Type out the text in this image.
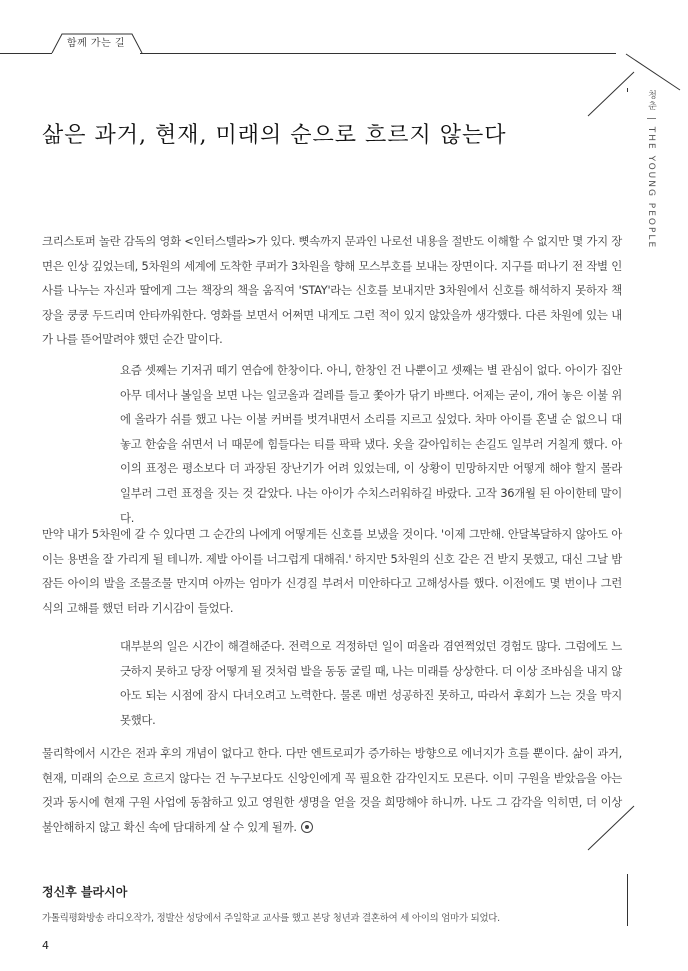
함께 가는 길
청춘 | THE YOUNG PEOPLE
삶은 과거, 현재, 미래의 순으로 흐르지 않는다

크리스토퍼 놀란 감독의 영화 <인터스텔라>가 있다. 뼛속까지 문과인 나로선 내용을 절반도 이해할 수 없지만 몇 가지 장면은 인상 깊었는데, 5차원의 세계에 도착한 쿠퍼가 3차원을 향해 모스부호를 보내는 장면이다. 지구를 떠나기 전 작별 인사를 나누는 자신과 딸에게 그는 책장의 책을 움직여 'STAY'라는 신호를 보내지만 3차원에서 신호를 해석하지 못하자 책장을 쿵쿵 두드리며 안타까워한다. 영화를 보면서 어쩌면 내게도 그런 적이 있지 않았을까 생각했다. 다른 차원에 있는 내가 나를 뜯어말려야 했던 순간 말이다.

요즘 셋째는 기저귀 떼기 연습에 한창이다. 아니, 한창인 건 나뿐이고 셋째는 별 관심이 없다. 아이가 집안 아무 데서나 볼일을 보면 나는 일코올과 걸레를 들고 쫓아가 닦기 바쁘다. 어제는 굳이, 개어 놓은 이불 위에 올라가 쉬를 했고 나는 이불 커버를 벗겨내면서 소리를 지르고 싶었다. 차마 아이를 혼낼 순 없으니 대놓고 한숨을 쉬면서 너 때문에 힘들다는 티를 팍팍 냈다. 옷을 갈아입히는 손길도 일부러 거칠게 했다. 아이의 표정은 평소보다 더 과장된 장난기가 어려 있었는데, 이 상황이 민망하지만 어떻게 해야 할지 몰라 일부러 그런 표정을 짓는 것 같았다. 나는 아이가 수치스러워하길 바랐다. 고작 36개월 된 아이한테 말이다.

만약 내가 5차원에 갈 수 있다면 그 순간의 나에게 어떻게든 신호를 보냈을 것이다. '이제 그만해. 안달복달하지 않아도 아이는 용변을 잘 가리게 될 테니까. 제발 아이를 너그럽게 대해줘.' 하지만 5차원의 신호 같은 건 받지 못했고, 대신 그날 밤 잠든 아이의 발을 조물조물 만지며 아까는 엄마가 신경질 부려서 미안하다고 고해성사를 했다. 이전에도 몇 번이나 그런 식의 고해를 했던 터라 기시감이 들었다.

대부분의 일은 시간이 해결해준다. 전력으로 걱정하던 일이 떠올라 겸연쩍었던 경험도 많다. 그럼에도 느긋하지 못하고 당장 어떻게 될 것처럼 발을 동동 굴릴 때, 나는 미래를 상상한다. 더 이상 조바심을 내지 않아도 되는 시점에 잠시 다녀오려고 노력한다. 물론 매번 성공하진 못하고, 따라서 후회가 느는 것을 막지 못했다.

물리학에서 시간은 전과 후의 개념이 없다고 한다. 다만 엔트로피가 증가하는 방향으로 에너지가 흐를 뿐이다. 삶이 과거, 현재, 미래의 순으로 흐르지 않다는 건 누구보다도 신앙인에게 꼭 필요한 감각인지도 모른다. 이미 구원을 받았음을 아는 것과 동시에 현재 구원 사업에 동참하고 있고 영원한 생명을 얻을 것을 희망해야 하니까. 나도 그 감각을 익히면, 더 이상 불안해하지 않고 확신 속에 담대하게 살 수 있게 될까.

정신후 블라시아
가톨릭평화방송 라디오작가, 정발산 성당에서 주일학교 교사를 했고 본당 청년과 결혼하여 세 아이의 엄마가 되었다.
4
